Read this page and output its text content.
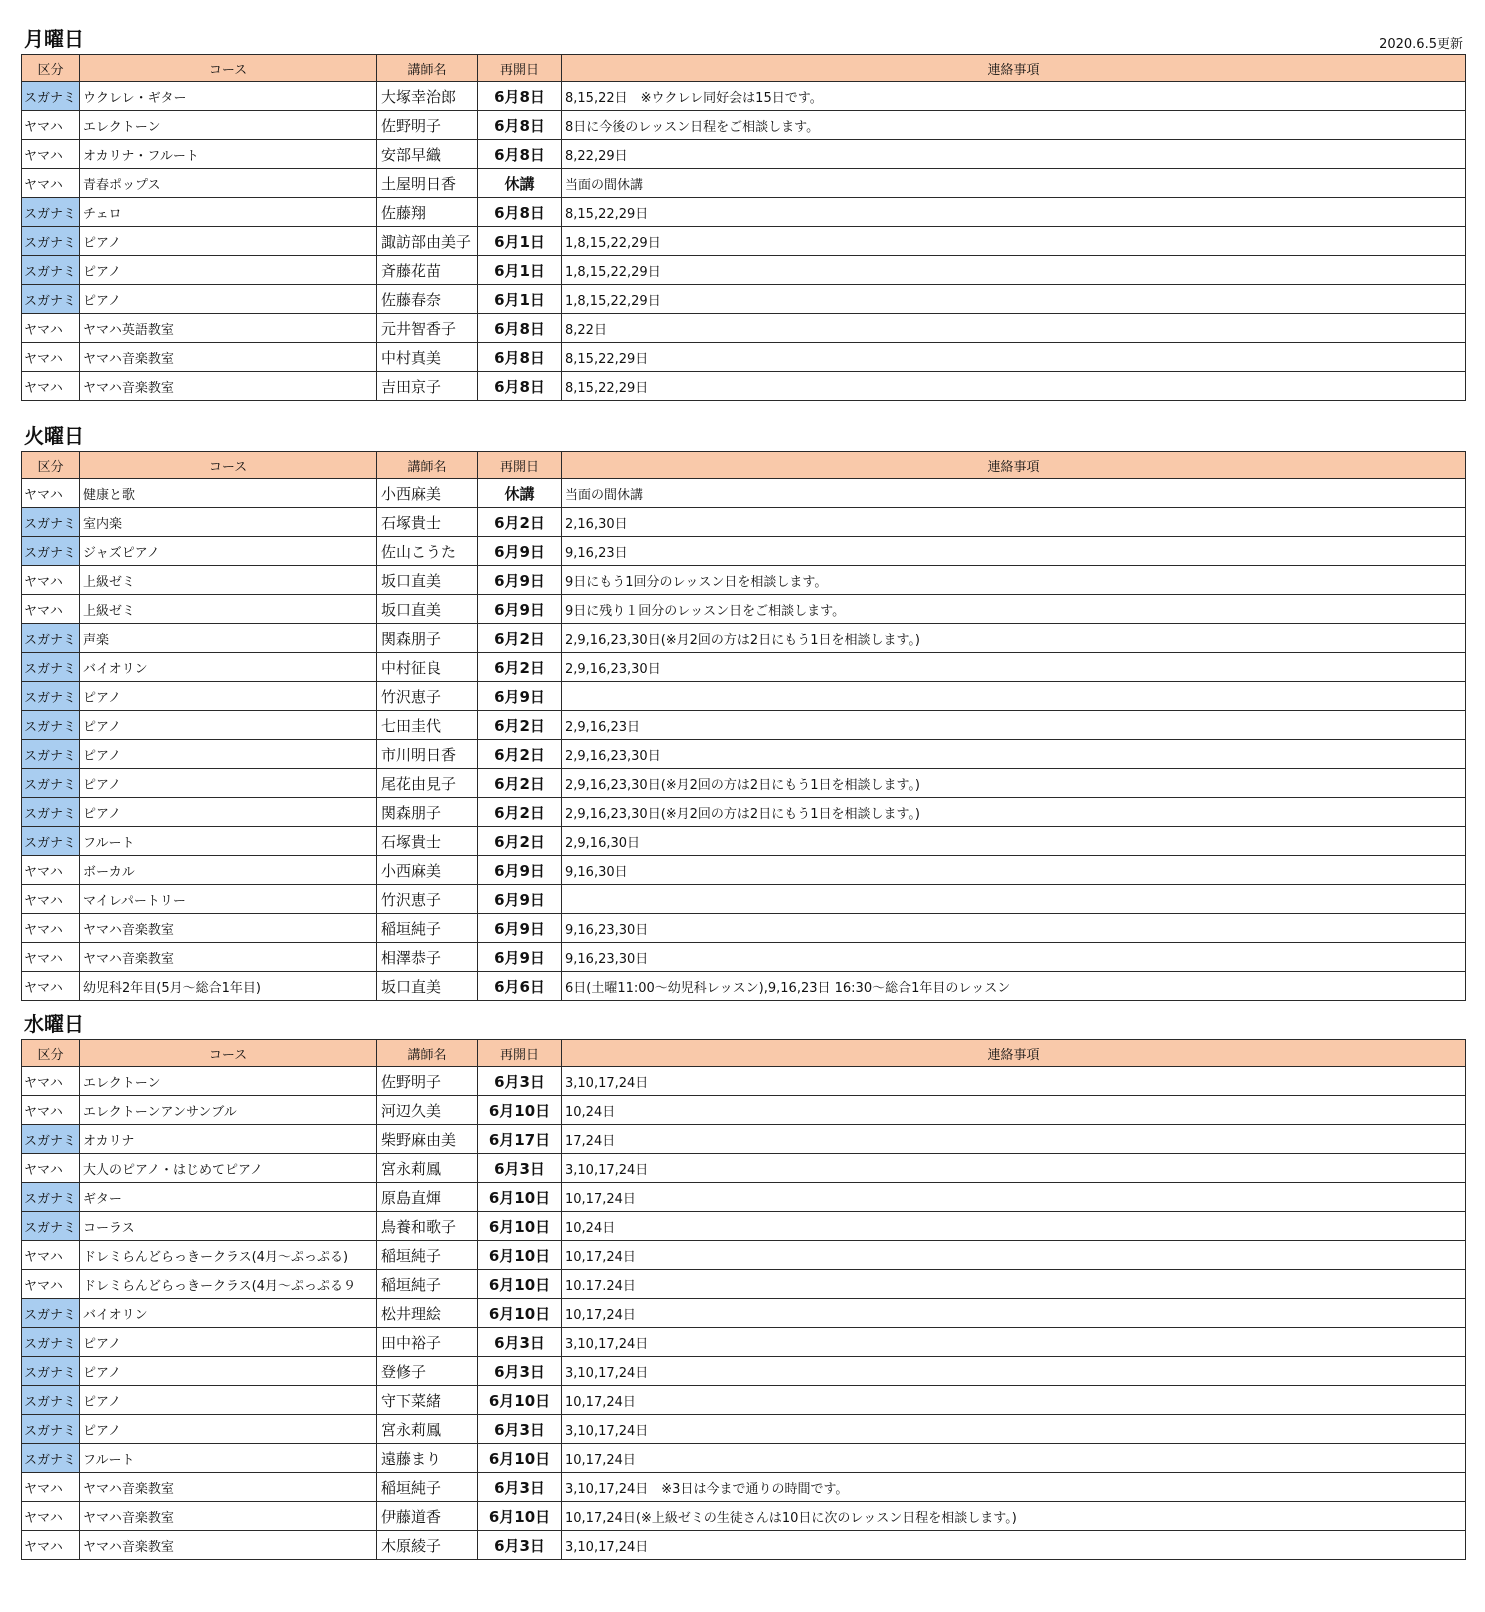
2020.6.5更新
月曜日
区分	コース	講師名	再開日	連絡事項
スガナミ	ウクレレ・ギター	大塚幸治郎	6月8日	8,15,22日　※ウクレレ同好会は15日です。
ヤマハ	エレクトーン	佐野明子	6月8日	8日に今後のレッスン日程をご相談します。
ヤマハ	オカリナ・フルート	安部早織	6月8日	8,22,29日
ヤマハ	青春ポップス	土屋明日香	休講	当面の間休講
スガナミ	チェロ	佐藤翔	6月8日	8,15,22,29日
スガナミ	ピアノ	諏訪部由美子	6月1日	1,8,15,22,29日
スガナミ	ピアノ	斉藤花苗	6月1日	1,8,15,22,29日
スガナミ	ピアノ	佐藤春奈	6月1日	1,8,15,22,29日
ヤマハ	ヤマハ英語教室	元井智香子	6月8日	8,22日
ヤマハ	ヤマハ音楽教室	中村真美	6月8日	8,15,22,29日
ヤマハ	ヤマハ音楽教室	吉田京子	6月8日	8,15,22,29日
火曜日
区分	コース	講師名	再開日	連絡事項
ヤマハ	健康と歌	小西麻美	休講	当面の間休講
スガナミ	室内楽	石塚貴士	6月2日	2,16,30日
スガナミ	ジャズピアノ	佐山こうた	6月9日	9,16,23日
ヤマハ	上級ゼミ	坂口直美	6月9日	9日にもう1回分のレッスン日を相談します。
ヤマハ	上級ゼミ	坂口直美	6月9日	9日に残り１回分のレッスン日をご相談します。
スガナミ	声楽	関森朋子	6月2日	2,9,16,23,30日(※月2回の方は2日にもう1日を相談します。)
スガナミ	バイオリン	中村征良	6月2日	2,9,16,23,30日
スガナミ	ピアノ	竹沢恵子	6月9日	
スガナミ	ピアノ	七田圭代	6月2日	2,9,16,23日
スガナミ	ピアノ	市川明日香	6月2日	2,9,16,23,30日
スガナミ	ピアノ	尾花由見子	6月2日	2,9,16,23,30日(※月2回の方は2日にもう1日を相談します。)
スガナミ	ピアノ	関森朋子	6月2日	2,9,16,23,30日(※月2回の方は2日にもう1日を相談します。)
スガナミ	フルート	石塚貴士	6月2日	2,9,16,30日
ヤマハ	ボーカル	小西麻美	6月9日	9,16,30日
ヤマハ	マイレパートリー	竹沢恵子	6月9日	
ヤマハ	ヤマハ音楽教室	稲垣純子	6月9日	9,16,23,30日
ヤマハ	ヤマハ音楽教室	相澤恭子	6月9日	9,16,23,30日
ヤマハ	幼児科2年目(5月～総合1年目)	坂口直美	6月6日	6日(土曜11:00～幼児科レッスン),9,16,23日 16:30～総合1年目のレッスン
水曜日
区分	コース	講師名	再開日	連絡事項
ヤマハ	エレクトーン	佐野明子	6月3日	3,10,17,24日
ヤマハ	エレクトーンアンサンブル	河辺久美	6月10日	10,24日
スガナミ	オカリナ	柴野麻由美	6月17日	17,24日
ヤマハ	大人のピアノ・はじめてピアノ	宮永莉鳳	6月3日	3,10,17,24日
スガナミ	ギター	原島直煇	6月10日	10,17,24日
スガナミ	コーラス	鳥養和歌子	6月10日	10,24日
ヤマハ	ドレミらんどらっきークラス(4月～ぷっぷる)	稲垣純子	6月10日	10,17,24日
ヤマハ	ドレミらんどらっきークラス(4月～ぷっぷる９	稲垣純子	6月10日	10.17.24日
スガナミ	バイオリン	松井理絵	6月10日	10,17,24日
スガナミ	ピアノ	田中裕子	6月3日	3,10,17,24日
スガナミ	ピアノ	登修子	6月3日	3,10,17,24日
スガナミ	ピアノ	守下菜緒	6月10日	10,17,24日
スガナミ	ピアノ	宮永莉鳳	6月3日	3,10,17,24日
スガナミ	フルート	遠藤まり	6月10日	10,17,24日
ヤマハ	ヤマハ音楽教室	稲垣純子	6月3日	3,10,17,24日　※3日は今まで通りの時間です。
ヤマハ	ヤマハ音楽教室	伊藤道香	6月10日	10,17,24日(※上級ゼミの生徒さんは10日に次のレッスン日程を相談します。)
ヤマハ	ヤマハ音楽教室	木原綾子	6月3日	3,10,17,24日
